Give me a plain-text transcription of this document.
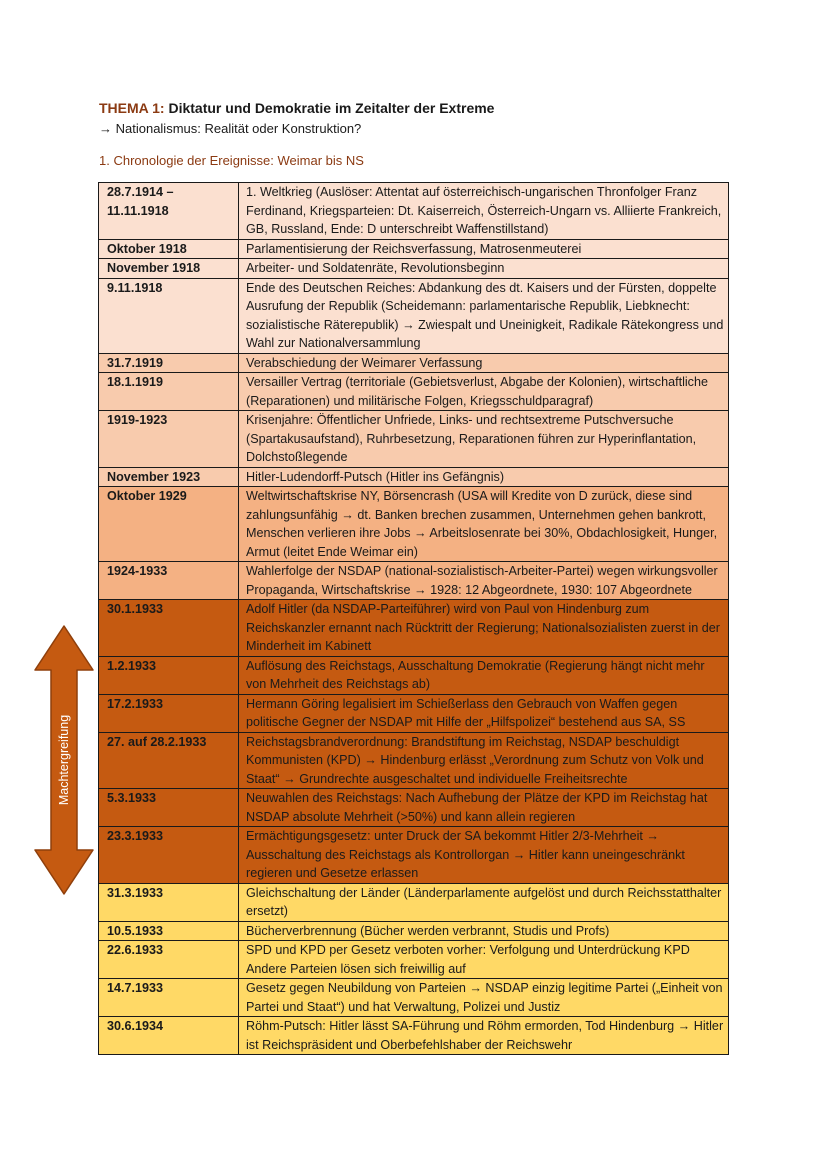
THEMA 1: Diktatur und Demokratie im Zeitalter der Extreme
→ Nationalismus: Realität oder Konstruktion?
1. Chronologie der Ereignisse: Weimar bis NS
28.7.1914 – 11.11.1918	1. Weltkrieg (Auslöser: Attentat auf österreichisch-ungarischen Thronfolger Franz Ferdinand, Kriegsparteien: Dt. Kaiserreich, Österreich-Ungarn vs. Alliierte Frankreich, GB, Russland, Ende: D unterschreibt Waffenstillstand)
Oktober 1918	Parlamentisierung der Reichsverfassung, Matrosenmeuterei
November 1918	Arbeiter- und Soldatenräte, Revolutionsbeginn
9.11.1918	Ende des Deutschen Reiches: Abdankung des dt. Kaisers und der Fürsten, doppelte Ausrufung der Republik (Scheidemann: parlamentarische Republik, Liebknecht: sozialistische Räterepublik) → Zwiespalt und Uneinigkeit, Radikale Rätekongress und Wahl zur Nationalversammlung
31.7.1919	Verabschiedung der Weimarer Verfassung
18.1.1919	Versailler Vertrag (territoriale (Gebietsverlust, Abgabe der Kolonien), wirtschaftliche (Reparationen) und militärische Folgen, Kriegsschuldparagraf)
1919-1923	Krisenjahre: Öffentlicher Unfriede, Links- und rechtsextreme Putschversuche (Spartakusaufstand), Ruhrbesetzung, Reparationen führen zur Hyperinflantation, Dolchstoßlegende
November 1923	Hitler-Ludendorff-Putsch (Hitler ins Gefängnis)
Oktober 1929	Weltwirtschaftskrise NY, Börsencrash (USA will Kredite von D zurück, diese sind zahlungsunfähig → dt. Banken brechen zusammen, Unternehmen gehen bankrott, Menschen verlieren ihre Jobs → Arbeitslosenrate bei 30%, Obdachlosigkeit, Hunger, Armut (leitet Ende Weimar ein)
1924-1933	Wahlerfolge der NSDAP (national-sozialistisch-Arbeiter-Partei) wegen wirkungsvoller Propaganda, Wirtschaftskrise → 1928: 12 Abgeordnete, 1930: 107 Abgeordnete
30.1.1933	Adolf Hitler (da NSDAP-Parteiführer) wird von Paul von Hindenburg zum Reichskanzler ernannt nach Rücktritt der Regierung; Nationalsozialisten zuerst in der Minderheit im Kabinett
1.2.1933	Auflösung des Reichstags, Ausschaltung Demokratie (Regierung hängt nicht mehr von Mehrheit des Reichstags ab)
17.2.1933	Hermann Göring legalisiert im Schießerlass den Gebrauch von Waffen gegen politische Gegner der NSDAP mit Hilfe der „Hilfspolizei“ bestehend aus SA, SS
27. auf 28.2.1933	Reichstagsbrandverordnung: Brandstiftung im Reichstag, NSDAP beschuldigt Kommunisten (KPD) → Hindenburg erlässt „Verordnung zum Schutz von Volk und Staat“ → Grundrechte ausgeschaltet und individuelle Freiheitsrechte
5.3.1933	Neuwahlen des Reichstags: Nach Aufhebung der Plätze der KPD im Reichstag hat NSDAP absolute Mehrheit (>50%) und kann allein regieren
23.3.1933	Ermächtigungsgesetz: unter Druck der SA bekommt Hitler 2/3-Mehrheit → Ausschaltung des Reichstags als Kontrollorgan → Hitler kann uneingeschränkt regieren und Gesetze erlassen
31.3.1933	Gleichschaltung der Länder (Länderparlamente aufgelöst und durch Reichsstatthalter ersetzt)
10.5.1933	Bücherverbrennung (Bücher werden verbrannt, Studis und Profs)
22.6.1933	SPD und KPD per Gesetz verboten vorher: Verfolgung und Unterdrückung KPD Andere Parteien lösen sich freiwillig auf
14.7.1933	Gesetz gegen Neubildung von Parteien → NSDAP einzig legitime Partei („Einheit von Partei und Staat“) und hat Verwaltung, Polizei und Justiz
30.6.1934	Röhm-Putsch: Hitler lässt SA-Führung und Röhm ermorden, Tod Hindenburg → Hitler ist Reichspräsident und Oberbefehlshaber der Reichswehr
Machtergreifung
